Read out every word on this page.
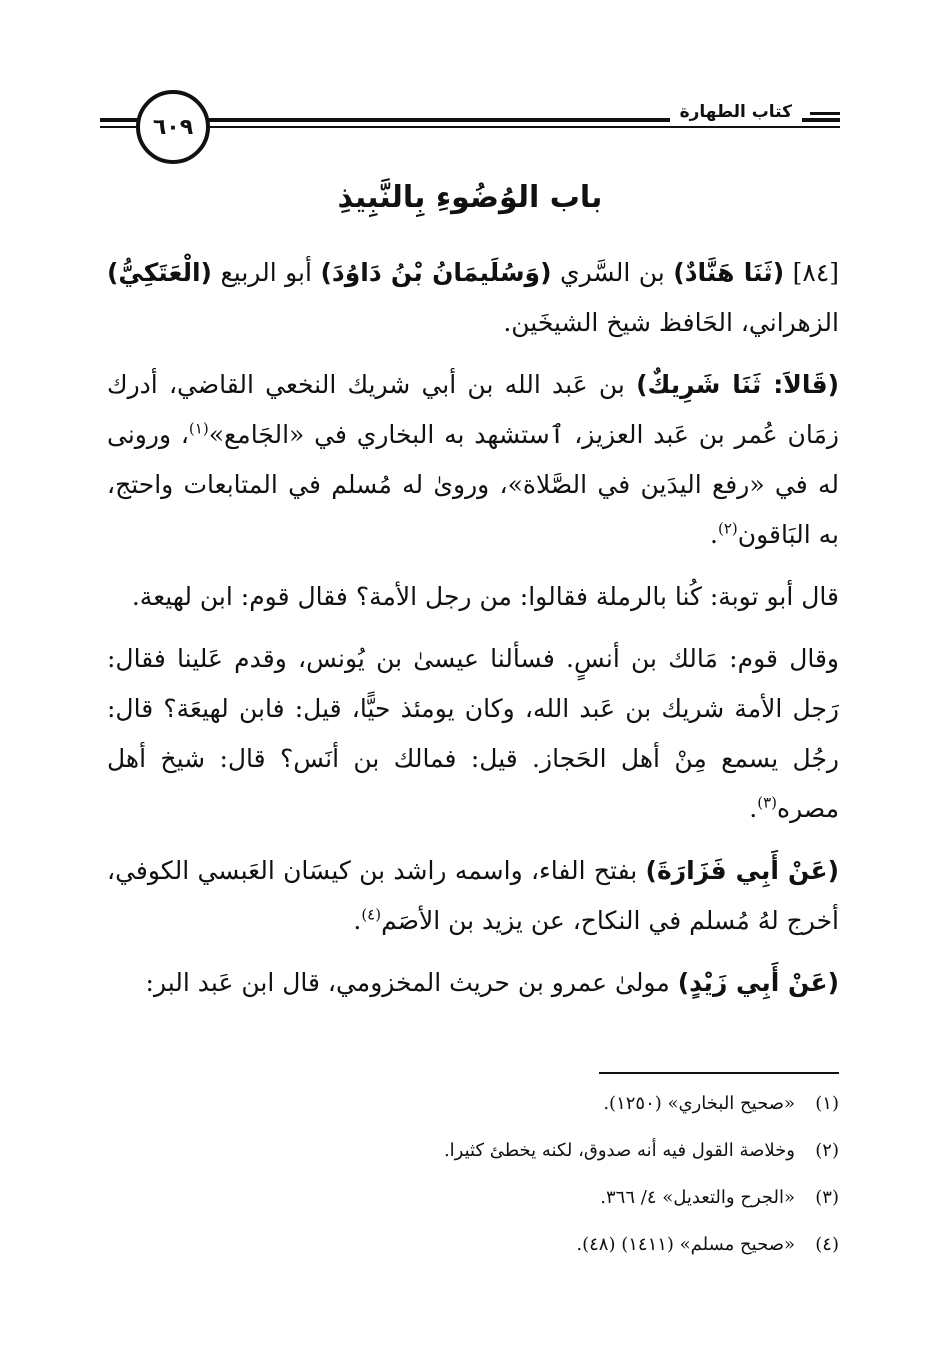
كتاب الطهارة
٦٠٩
باب الوُضُوءِ بِالنَّبِيذِ

[٨٤] (ثَنَا هَنَّادٌ) بن السَّري (وَسُلَيمَانُ بْنُ دَاوُدَ) أبو الربيع (الْعَتَكِيُّ) الزهراني، الحَافظ شيخ الشيخَين.

(قَالاَ: ثَنَا شَرِيكٌ) بن عَبد الله بن أبي شريك النخعي القاضي، أدرك زمَان عُمر بن عَبد العزيز، ٱستشهد به البخاري في «الجَامع»$^{(١)}$، ورونى له في «رفع اليدَين في الصَّلاة»، وروىٰ له مُسلم في المتابعات واحتج، به البَاقون$^{(٢)}$.

قال أبو توبة: كُنا بالرملة فقالوا: من رجل الأمة؟ فقال قوم: ابن لهيعة.

وقال قوم: مَالك بن أنسٍ. فسألنا عيسىٰ بن يُونس، وقدم عَلينا فقال: رَجل الأمة شريك بن عَبد الله، وكان يومئذ حيًّا، قيل: فابن لهيعَة؟ قال: رجُل يسمع مِنْ أهل الحَجاز. قيل: فمالك بن أنَس؟ قال: شيخ أهل مصره$^{(٣)}$.

(عَنْ أَبِي فَزَارَةَ) بفتح الفاء، واسمه راشد بن كيسَان العَبسي الكوفي، أخرج لهُ مُسلم في النكاح، عن يزيد بن الأصَم$^{(٤)}$.

(عَنْ أَبِي زَيْدٍ) مولىٰ عمرو بن حريث المخزومي، قال ابن عَبد البر:

(١)«صحيح البخاري» (١٢٥٠).
(٢)وخلاصة القول فيه أنه صدوق، لكنه يخطئ كثيرا.
(٣)«الجرح والتعديل» ٤/ ٣٦٦.
(٤)«صحيح مسلم» (١٤١١) (٤٨).
